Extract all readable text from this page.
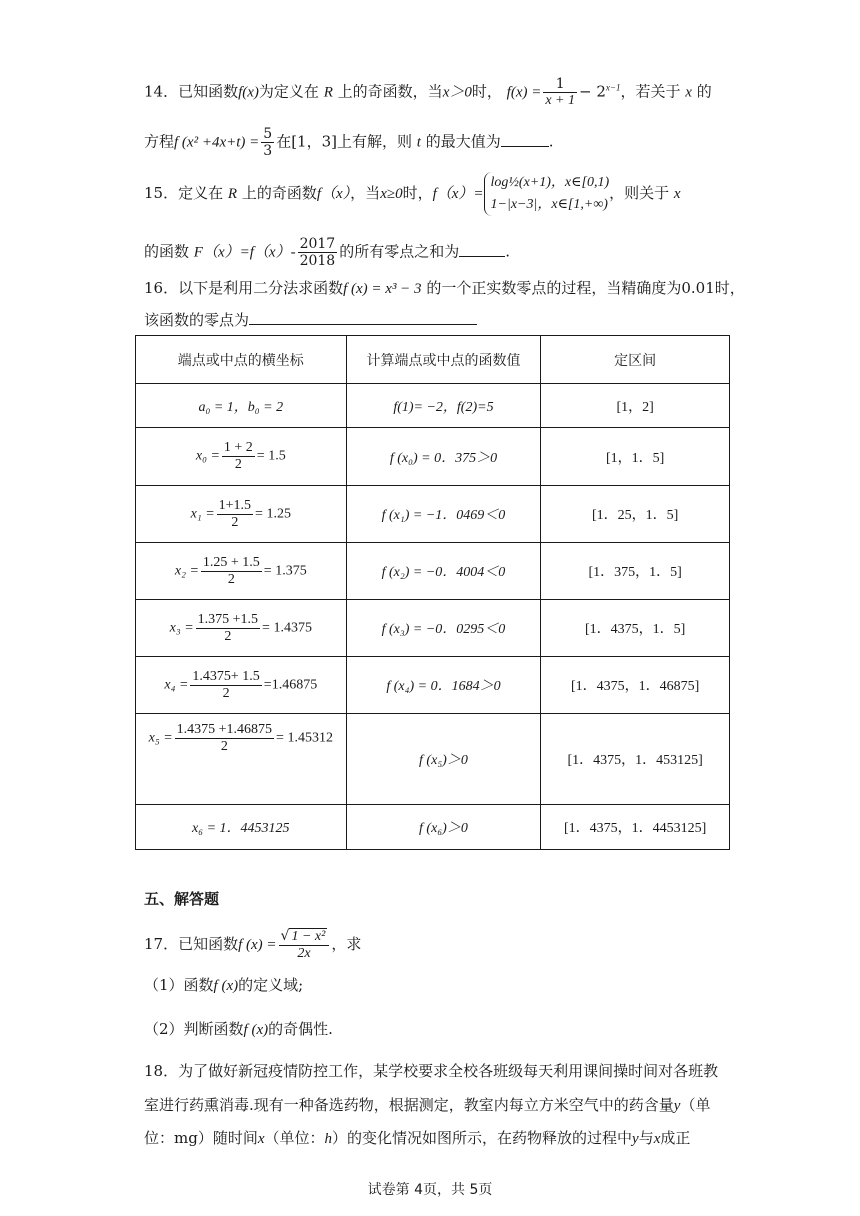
14．已知函数f(x)为定义在 R 上的奇函数，当x＞0时， $f(x) = \frac{1}{x + 1} - 2^{x-1}$，若关于 x 的
方程f $(x^2 +4x+t) = \frac{5}{3}$ 在[1，3]上有解，则 t 的最大值为	.
15．定义在 R 上的奇函数f（x），当x≥0时，f（x）=
log½(x+1)，x∈[0,1)
1−|x−3|，x∈[1,+∞)
，则关于 x
的函数 $F(x)=f(x)- \frac{2017}{2018}$ 的所有零点之和为	.
16．以下是利用二分法求函数f (x) = x³ − 3 的一个正实数零点的过程，当精确度为0.01时，
该函数的零点为
端点或中点的横坐标	计算端点或中点的函数值	定区间
a₀ = 1，b₀ = 2	f(1)= −2，f(2)=5	[1，2]
$x_0 = \frac{1 + 2}{2} = 1.5$	f (x₀) = 0．375＞0	[1，1．5]
$x_1 = \frac{1+1.5}{2} = 1.25$	f (x₁) = −1．0469＜0	[1．25，1．5]
$x_2 = \frac{1.25 + 1.5}{2} = 1.375$	f (x₂) = −0．4004＜0	[1．375，1．5]
$x_3 = \frac{1.375 +1.5}{2} = 1.4375$	f (x₃) = −0．0295＜0	[1．4375，1．5]
$x_4 = \frac{1.4375+ 1.5}{2} =1.46875$	f (x₄) = 0．1684＞0	[1．4375，1．46875]
$x_5 = \frac{1.4375 +1.46875}{2} = 1.45312$	f (x₅)＞0	[1．4375，1．453125]
x₆ = 1．4453125	f (x₆)＞0	[1．4375，1．4453125]
五、解答题
17．已知函数f $(x) = \frac{\text{√ 1 − x²}}{2x}$ ，求
（1）函数f (x)的定义域;
（2）判断函数f (x)的奇偶性.
18．为了做好新冠疫情防控工作，某学校要求全校各班级每天利用课间操时间对各班教
室进行药熏消毒.现有一种备选药物，根据测定，教室内每立方米空气中的药含量y（单
位：mg）随时间x（单位：h）的变化情况如图所示，在药物释放的过程中y与x成正
试卷第 4页，共 5页
